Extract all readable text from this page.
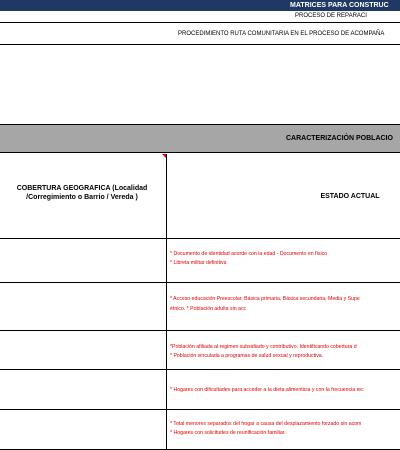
MATRICES PARA CONSTRUC
PROCESO DE REPARACI
PROCEDIMIENTO RUTA COMUNITARIA EN EL PROCESO DE ACOMPAÑA
CARACTERIZACIÓN POBLACIO
COBERTURA GEOGRAFICA (Localidad /Corregimiento o Barrio / Vereda )	ESTADO ACTUAL
* Documento de identidad acorde con la edad - Documento en físico
* Libreta militar definitiva
* Acceso educación Preescolar, Básica primaria, Básica secundaria, Media y Supe
étnico. * Población adulta sin acc
*Población afiliada al regimen subsidiado y contributivo. Identificando cobertura d
* Población vinculada a programas de salud sexual y reproductiva.
* Hogares con dificultades para acceder a la dieta alimenticia y con la frecuencia rec
* Total menores separados del hogar a causa del desplazamiento forzado sin acom
* Hogares con solicitudes de reunificación familiar.
